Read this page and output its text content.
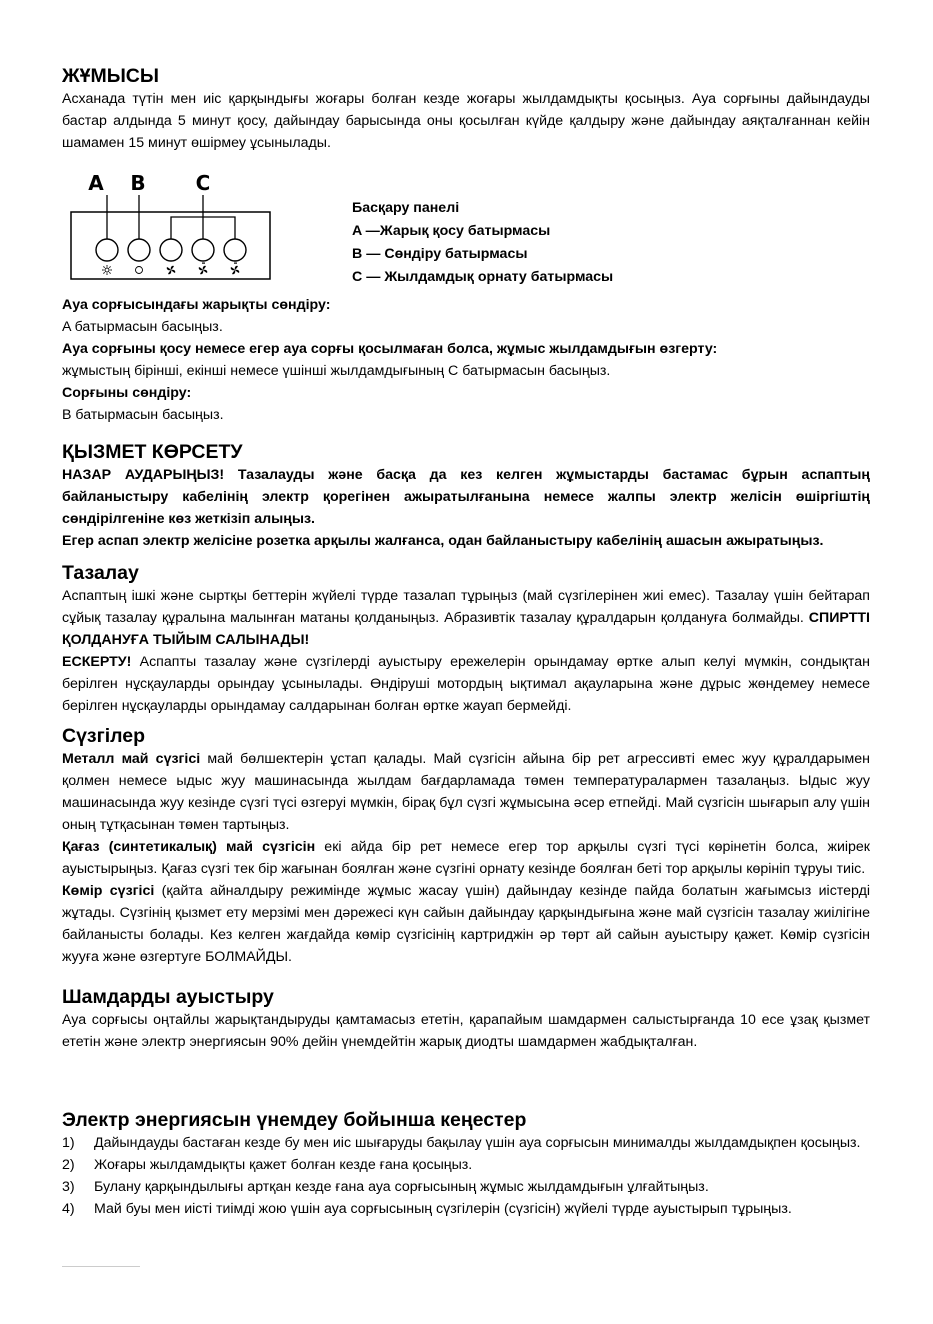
ЖҰМЫСЫ

Асханада түтін мен иіс қарқындығы жоғары болған кезде жоғары жылдамдықты қосыңыз. Ауа сорғыны дайындауды бастар алдында 5 минут қосу, дайындау барысында оны қосылған күйде қалдыру және дайындау аяқталғаннан кейін шамамен 15 минут өшірмеу ұсынылады.

A B	C
Басқару панелі
A —Жарық қосу батырмасы
B — Сөндіру батырмасы
C — Жылдамдық орнату батырмасы

Ауа сорғысындағы жарықты сөндіру:

A батырмасын басыңыз.

Ауа сорғыны қосу немесе егер ауа сорғы қосылмаған болса, жұмыс жылдамдығын өзгерту:

жұмыстың бірінші, екінші немесе үшінші жылдамдығының C батырмасын басыңыз.

Сорғыны сөндіру:

B батырмасын басыңыз.

ҚЫЗМЕТ КӨРСЕТУ

НАЗАР АУДАРЫҢЫЗ! Тазалауды және басқа да кез келген жұмыстарды бастамас бұрын аспаптың байланыстыру кабелінің электр қорегінен ажыратылғанына немесе жалпы электр желісін өшіргіштің сөндірілгеніне көз жеткізіп алыңыз.

Егер аспап электр желісіне розетка арқылы жалғанса, одан байланыстыру кабелінің ашасын ажыратыңыз.

Тазалау

Аспаптың ішкі және сыртқы беттерін жүйелі түрде тазалап тұрыңыз (май сүзгілерінен жиі емес). Тазалау үшін бейтарап сұйық тазалау құралына малынған матаны қолданыңыз. Абразивтік тазалау құралдарын қолдануға болмайды. СПИРТТІ ҚОЛДАНУҒА ТЫЙЫМ САЛЫНАДЫ!

ЕСКЕРТУ! Аспапты тазалау және сүзгілерді ауыстыру ережелерін орындамау өртке алып келуі мүмкін, сондықтан берілген нұсқауларды орындау ұсынылады. Өндіруші мотордың ықтимал ақауларына және дұрыс жөндемеу немесе берілген нұсқауларды орындамау салдарынан болған өртке жауап бермейді.

Сүзгілер

Металл май сүзгісі май бөлшектерін ұстап қалады. Май сүзгісін айына бір рет агрессивті емес жуу құралдарымен қолмен немесе ыдыс жуу машинасында жылдам бағдарламада төмен температуралармен тазалаңыз. Ыдыс жуу машинасында жуу кезінде сүзгі түсі өзгеруі мүмкін, бірақ бұл сүзгі жұмысына әсер етпейді. Май сүзгісін шығарып алу үшін оның тұтқасынан төмен тартыңыз.

Қағаз (синтетикалық) май сүзгісін екі айда бір рет немесе егер тор арқылы сүзгі түсі көрінетін болса, жиірек ауыстырыңыз. Қағаз сүзгі тек бір жағынан боялған және сүзгіні орнату кезінде боялған беті тор арқылы көрініп тұруы тиіс.

Көмір сүзгісі (қайта айналдыру режимінде жұмыс жасау үшін) дайындау кезінде пайда болатын жағымсыз иістерді жұтады. Сүзгінің қызмет ету мерзімі мен дәрежесі күн сайын дайындау қарқындығына және май сүзгісін тазалау жиілігіне байланысты болады. Кез келген жағдайда көмір сүзгісінің картриджін әр төрт ай сайын ауыстыру қажет. Көмір сүзгісін жууға және өзгертуге БОЛМАЙДЫ.

Шамдарды ауыстыру

Ауа сорғысы оңтайлы жарықтандыруды қамтамасыз ететін, қарапайым шамдармен салыстырғанда 10 есе ұзақ қызмет ететін және электр энергиясын 90% дейін үнемдейтін жарық диодты шамдармен жабдықталған.

Электр энергиясын үнемдеу бойынша кеңестер
1) Дайындауды бастаған кезде бу мен иіс шығаруды бақылау үшін ауа сорғысын минималды жылдамдықпен қосыңыз.
2) Жоғары жылдамдықты қажет болған кезде ғана қосыңыз.
3) Булану қарқындылығы артқан кезде ғана ауа сорғысының жұмыс жылдамдығын ұлғайтыңыз.
4) Май буы мен иісті тиімді жою үшін ауа сорғысының сүзгілерін (сүзгісін) жүйелі түрде ауыстырып тұрыңыз.
